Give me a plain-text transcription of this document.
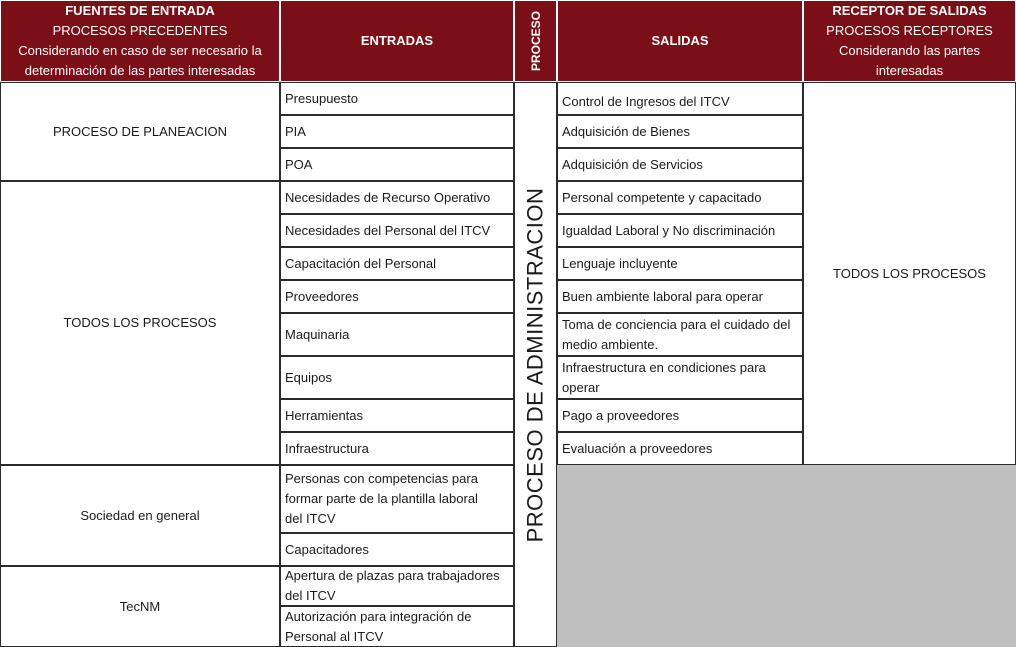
FUENTES DE ENTRADA
PROCESOS PRECEDENTES
Considerando en caso de ser necesario la
determinación de las partes interesadas
ENTRADAS	PROCESO	SALIDAS
RECEPTOR DE SALIDAS
PROCESOS RECEPTORES
Considerando las partes
interesadas
PROCESO DE PLANEACION
TODOS LOS PROCESOS
Sociedad en general
TecNM
Presupuesto
PIA
POA
Necesidades de Recurso Operativo
Necesidades del Personal del ITCV
Capacitación del Personal
Proveedores
Maquinaria
Equipos
Herramientas
Infraestructura
Personas con competencias para
formar parte de la plantilla laboral
del ITCV
Capacitadores
Apertura de plazas para trabajadores
del ITCV
Autorización para integración de
Personal al ITCV
PROCESO DE ADMINISTRACION
Control de Ingresos del ITCV
Adquisición de Bienes
Adquisición de Servicios
Personal competente y capacitado
Igualdad Laboral y No discriminación
Lenguaje incluyente
Buen ambiente laboral para operar
Toma de conciencia para el cuidado del
medio ambiente.
Infraestructura en condiciones para
operar
Pago a proveedores
Evaluación a proveedores
TODOS LOS PROCESOS
